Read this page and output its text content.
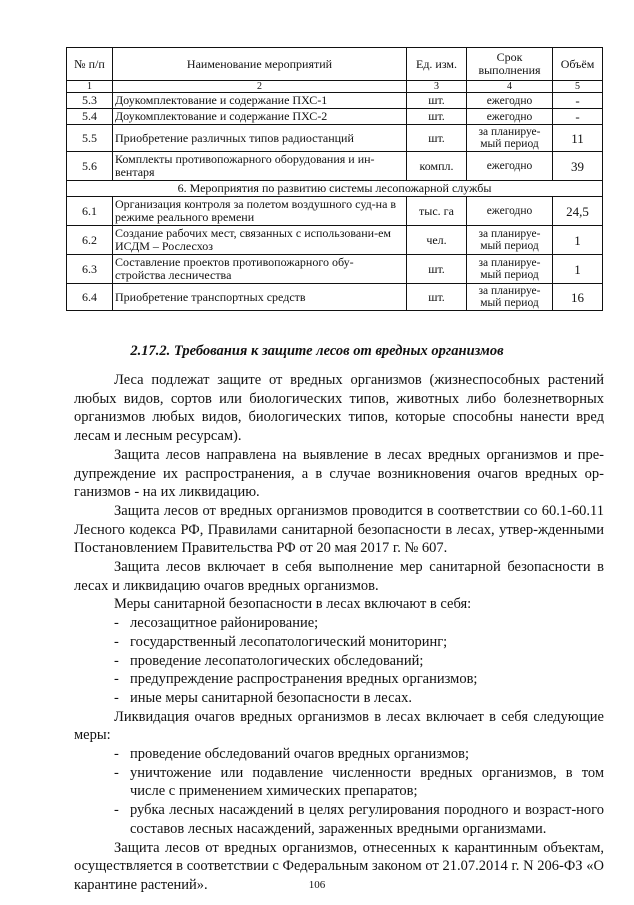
№ п/п	Наименование мероприятий	Ед. изм.	Срок выполнения	Объём
1	2	3	4	5
5.3	Доукомплектование и содержание ПХС-1	шт.	ежегодно	-
5.4	Доукомплектование и содержание ПХС-2	шт.	ежегодно	-
5.5	Приобретение различных типов радиостанций	шт.	за планируе-мый период	11
5.6	Комплекты противопожарного оборудования и ин-вентаря	компл.	ежегодно	39
6. Мероприятия по развитию системы лесопожарной службы				
6.1	Организация контроля за полетом воздушного суд-на в режиме реального времени	тыс. га	ежегодно	24,5
6.2	Создание рабочих мест, связанных с использовани-ем ИСДМ – Рослесхоз	чел.	за планируе-мый период	1
6.3	Составление проектов противопожарного обу-стройства лесничества	шт.	за планируе-мый период	1
6.4	Приобретение транспортных средств	шт.	за планируе-мый период	16
2.17.2. Требования к защите лесов от вредных организмов

Леса подлежат защите от вредных организмов (жизнеспособных растений любых видов, сортов или биологических типов, животных либо болезнетворных организмов любых видов, биологических типов, которые способны нанести вред лесам и лесным ресурсам).

Защита лесов направлена на выявление в лесах вредных организмов и пре-дупреждение их распространения, а в случае возникновения очагов вредных ор-ганизмов - на их ликвидацию.

Защита лесов от вредных организмов проводится в соответствии со 60.1-60.11 Лесного кодекса РФ, Правилами санитарной безопасности в лесах, утвер-жденными Постановлением Правительства РФ от 20 мая 2017 г. № 607.

Защита лесов включает в себя выполнение мер санитарной безопасности в лесах и ликвидацию очагов вредных организмов.

Меры санитарной безопасности в лесах включают в себя:

- лесозащитное районирование;
- государственный лесопатологический мониторинг;
- проведение лесопатологических обследований;
- предупреждение распространения вредных организмов;
- иные меры санитарной безопасности в лесах.

Ликвидация очагов вредных организмов в лесах включает в себя следующие меры:

- проведение обследований очагов вредных организмов;
- уничтожение или подавление численности вредных организмов, в том числе с применением химических препаратов;
- рубка лесных насаждений в целях регулирования породного и возраст-ного составов лесных насаждений, зараженных вредными организмами.

Защита лесов от вредных организмов, отнесенных к карантинным объектам, осуществляется в соответствии с Федеральным законом от 21.07.2014 г. N 206-ФЗ «О карантине растений».	106
